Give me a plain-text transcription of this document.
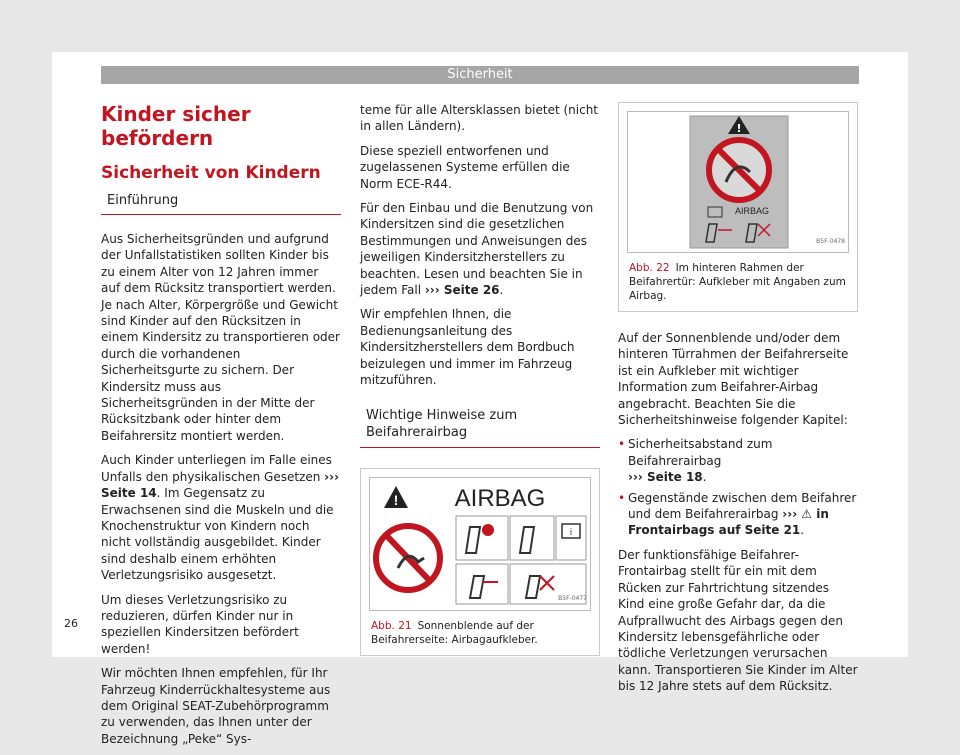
Sicherheit
Kinder sicher befördern
Sicherheit von Kindern
Einführung

Aus Sicherheitsgründen und aufgrund der Unfallstatistiken sollten Kinder bis zu einem Alter von 12 Jahren immer auf dem Rücksitz transportiert werden. Je nach Alter, Körpergröße und Gewicht sind Kinder auf den Rücksitzen in einem Kindersitz zu transportieren oder durch die vorhandenen Sicherheitsgurte zu sichern. Der Kindersitz muss aus Sicherheitsgründen in der Mitte der Rücksitzbank oder hinter dem Beifahrersitz montiert werden.

Auch Kinder unterliegen im Falle eines Unfalls den physikalischen Gesetzen ››› Seite 14. Im Gegensatz zu Erwachsenen sind die Muskeln und die Knochenstruktur von Kindern noch nicht vollständig ausgebildet. Kinder sind deshalb einem erhöhten Verletzungsrisiko ausgesetzt.

Um dieses Verletzungsrisiko zu reduzieren, dürfen Kinder nur in speziellen Kindersitzen befördert werden!

Wir möchten Ihnen empfehlen, für Ihr Fahrzeug Kinderrückhaltesysteme aus dem Original SEAT-Zubehörprogramm zu verwenden, das Ihnen unter der Bezeichnung „Peke“ Sys-

teme für alle Altersklassen bietet (nicht in allen Ländern).

Diese speziell entworfenen und zugelassenen Systeme erfüllen die Norm ECE-R44.

Für den Einbau und die Benutzung von Kindersitzen sind die gesetzlichen Bestimmungen und Anweisungen des jeweiligen Kindersitzherstellers zu beachten. Lesen und beachten Sie in jedem Fall ››› Seite 26.

Wir empfehlen Ihnen, die Bedienungsanleitung des Kindersitzherstellers dem Bordbuch beizulegen und immer im Fahrzeug mitzuführen.

Wichtige Hinweise zum Beifahrerairbag
! AIRBAG
i
B5F-0477
Abb. 21 Sonnenblende auf der Beifahrerseite: Airbagaufkleber.
!
AIRBAG
B5F-0478
Abb. 22 Im hinteren Rahmen der Beifahrertür: Aufkleber mit Angaben zum Airbag.

Auf der Sonnenblende und/oder dem hinteren Türrahmen der Beifahrerseite ist ein Aufkleber mit wichtiger Information zum Beifahrer-Airbag angebracht. Beachten Sie die Sicherheitshinweise folgender Kapitel:

• Sicherheitsabstand zum Beifahrerairbag
››› Seite 18.
• Gegenstände zwischen dem Beifahrer und dem Beifahrerairbag ››› ⚠ in Frontairbags auf Seite 21.

Der funktionsfähige Beifahrer-Frontairbag stellt für ein mit dem Rücken zur Fahrtrichtung sitzendes Kind eine große Gefahr dar, da die Aufprallwucht des Airbags gegen den Kindersitz lebensgefährliche oder tödliche Verletzungen verursachen kann. Transportieren Sie Kinder im Alter bis 12 Jahre stets auf dem Rücksitz.

26
